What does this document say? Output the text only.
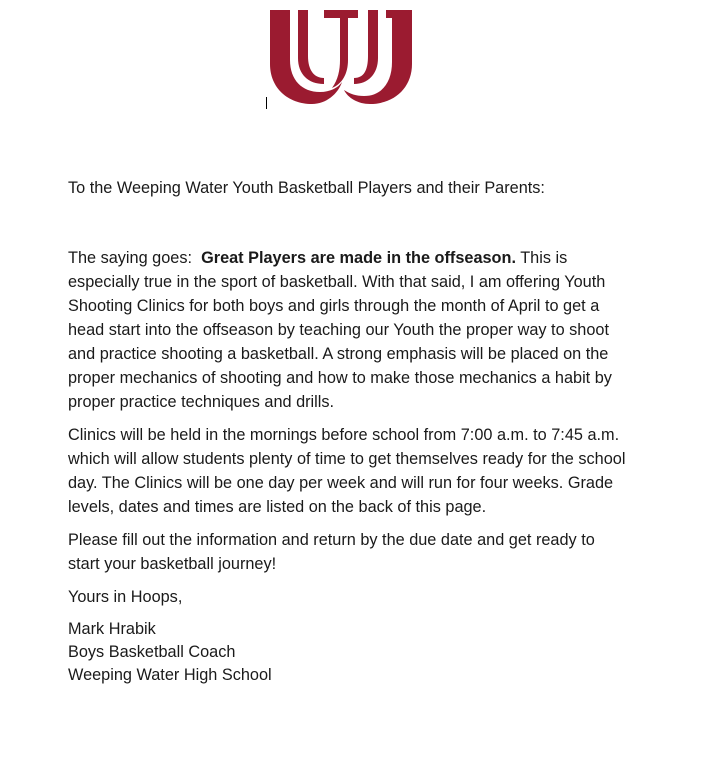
To the Weeping Water Youth Basketball Players and their Parents:

The saying goes: Great Players are made in the offseason. This is especially true in the sport of basketball. With that said, I am offering Youth Shooting Clinics for both boys and girls through the month of April to get a head start into the offseason by teaching our Youth the proper way to shoot and practice shooting a basketball. A strong emphasis will be placed on the proper mechanics of shooting and how to make those mechanics a habit by proper practice techniques and drills.

Clinics will be held in the mornings before school from 7:00 a.m. to 7:45 a.m. which will allow students plenty of time to get themselves ready for the school day. The Clinics will be one day per week and will run for four weeks. Grade levels, dates and times are listed on the back of this page.

Please fill out the information and return by the due date and get ready to start your basketball journey!

Yours in Hoops,

Mark Hrabik
Boys Basketball Coach
Weeping Water High School
